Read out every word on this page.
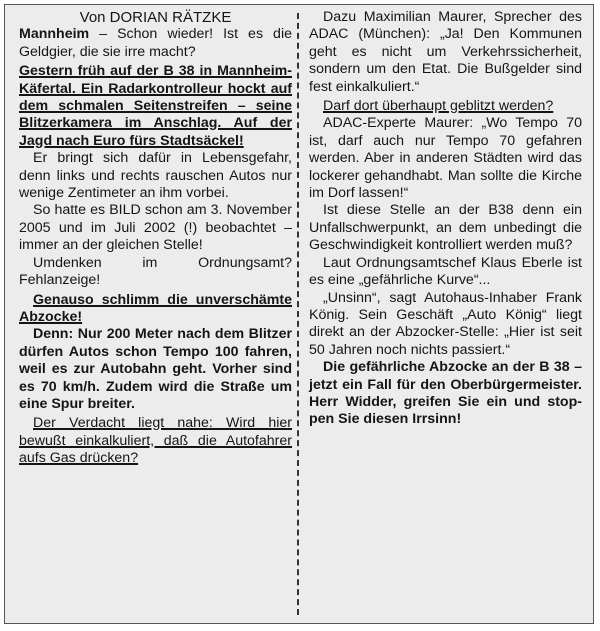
Von DORIAN RÄTZKE

Mannheim – Schon wieder! Ist es die Geldgier, die sie irre macht?

Gestern früh auf der B 38 in Mannheim-Käfertal. Ein Radarkontrolleur hockt auf dem schmalen Seitenstreifen – seine Blitzerkamera im Anschlag. Auf der Jagd nach Euro fürs Stadtsäckel!

Er bringt sich dafür in Lebensgefahr, denn links und rechts rauschen Autos nur wenige Zentimeter an ihm vorbei.

So hatte es BILD schon am 3. November 2005 und im Juli 2002 (!) beobachtet – immer an der gleichen Stelle!

Umdenken im Ordnungsamt? Fehlanzeige!

Genauso schlimm die unverschämte Abzocke!

Denn: Nur 200 Meter nach dem Blitzer dürfen Autos schon Tempo 100 fahren, weil es zur Autobahn geht. Vorher sind es 70 km/h. Zudem wird die Straße um eine Spur breiter.

Der Verdacht liegt nahe: Wird hier bewußt einkalkuliert, daß die Autofahrer aufs Gas drücken?

Dazu Maximilian Maurer, Sprecher des ADAC (München): „Ja! Den Kommunen geht es nicht um Verkehrssicherheit, sondern um den Etat. Die Bußgelder sind fest einkalkuliert.“

Darf dort überhaupt geblitzt werden?

ADAC-Experte Maurer: „Wo Tempo 70 ist, darf auch nur Tempo 70 gefahren werden. Aber in anderen Städten wird das lockerer gehandhabt. Man sollte die Kirche im Dorf lassen!“

Ist diese Stelle an der B38 denn ein Unfallschwerpunkt, an dem unbedingt die Geschwindigkeit kontrolliert werden muß?

Laut Ordnungsamtschef Klaus Eberle ist es eine „gefährliche Kurve“...

„Unsinn“, sagt Autohaus-Inhaber Frank König. Sein Geschäft „Auto König“ liegt direkt an der Abzocker-Stelle: „Hier ist seit 50 Jahren noch nichts passiert.“

Die gefährliche Abzocke an der B 38 – jetzt ein Fall für den Oberbürgermeister. Herr Widder, greifen Sie ein und stoppen Sie diesen Irrsinn!
